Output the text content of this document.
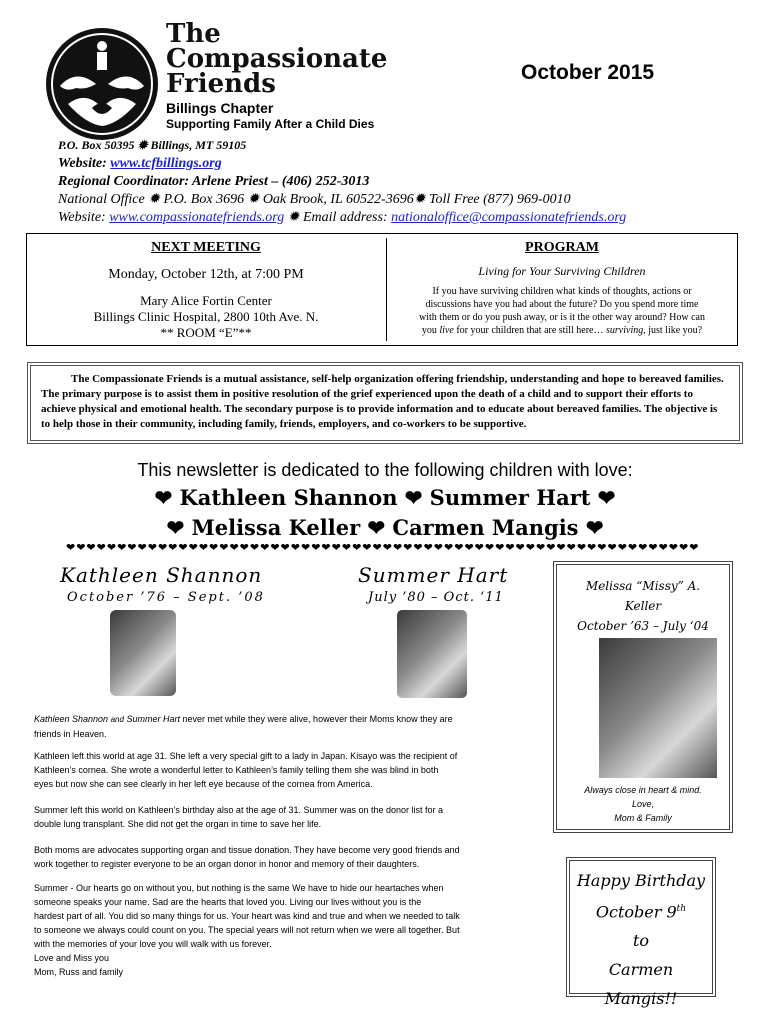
The
Compassionate
Friends
Billings Chapter
Supporting Family After a Child Dies
October 2015
P.O. Box 50395 ✹ Billings, MT 59105
Website: www.tcfbillings.org
Regional Coordinator: Arlene Priest – (406) 252-3013
National Office ✹ P.O. Box 3696 ✹ Oak Brook, IL 60522-3696✹ Toll Free (877) 969-0010
Website: www.compassionatefriends.org ✹ Email address: nationaloffice@compassionatefriends.org
NEXT MEETING
Monday, October 12th, at 7:00 PM
Mary Alice Fortin Center
Billings Clinic Hospital, 2800 10th Ave. N.
** ROOM “E”**
PROGRAM
Living for Your Surviving Children
If you have surviving children what kinds of thoughts, actions or
discussions have you had about the future? Do you spend more time
with them or do you push away, or is it the other way around? How can
you live for your children that are still here… surviving, just like you?
The Compassionate Friends is a mutual assistance, self-help organization offering friendship, understanding and hope to bereaved families. The primary purpose is to assist them in positive resolution of the grief experienced upon the death of a child and to support their efforts to achieve physical and emotional health. The secondary purpose is to provide information and to educate about bereaved families. The objective is to help those in their community, including family, friends, employers, and co-workers to be supportive.
This newsletter is dedicated to the following children with love:
❤ Kathleen Shannon ❤ Summer Hart ❤
❤ Melissa Keller ❤ Carmen Mangis ❤
❤❤❤❤❤❤❤❤❤❤❤❤❤❤❤❤❤❤❤❤❤❤❤❤❤❤❤❤❤❤❤❤❤❤❤❤❤❤❤❤❤❤❤❤❤❤❤❤❤❤❤❤❤❤❤❤❤❤❤❤❤❤
Kathleen Shannon
October ’76 – Sept. ’08
Summer Hart
July ’80 – Oct. ‘11
Melissa “Missy” A.
Keller
October ’63 – July ‘04
Always close in heart & mind.
Love,
Mom & Family
Kathleen Shannon and Summer Hart never met while they were alive, however their Moms know they are
friends in Heaven.
Kathleen left this world at age 31. She left a very special gift to a lady in Japan. Kisayo was the recipient of
Kathleen’s cornea. She wrote a wonderful letter to Kathleen’s family telling them she was blind in both
eyes but now she can see clearly in her left eye because of the cornea from America.
Summer left this world on Kathleen’s birthday also at the age of 31. Summer was on the donor list for a
double lung transplant. She did not get the organ in time to save her life.
Both moms are advocates supporting organ and tissue donation. They have become very good friends and
work together to register everyone to be an organ donor in honor and memory of their daughters.
Summer - Our hearts go on without you, but nothing is the same We have to hide our heartaches when
someone speaks your name. Sad are the hearts that loved you. Living our lives without you is the
hardest part of all. You did so many things for us. Your heart was kind and true and when we needed to talk
to someone we always could count on you. The special years will not return when we were all together. But
with the memories of your love you will walk with us forever.
Love and Miss you
Mom, Russ and family
Happy Birthday
October 9th
to
Carmen Mangis!!
